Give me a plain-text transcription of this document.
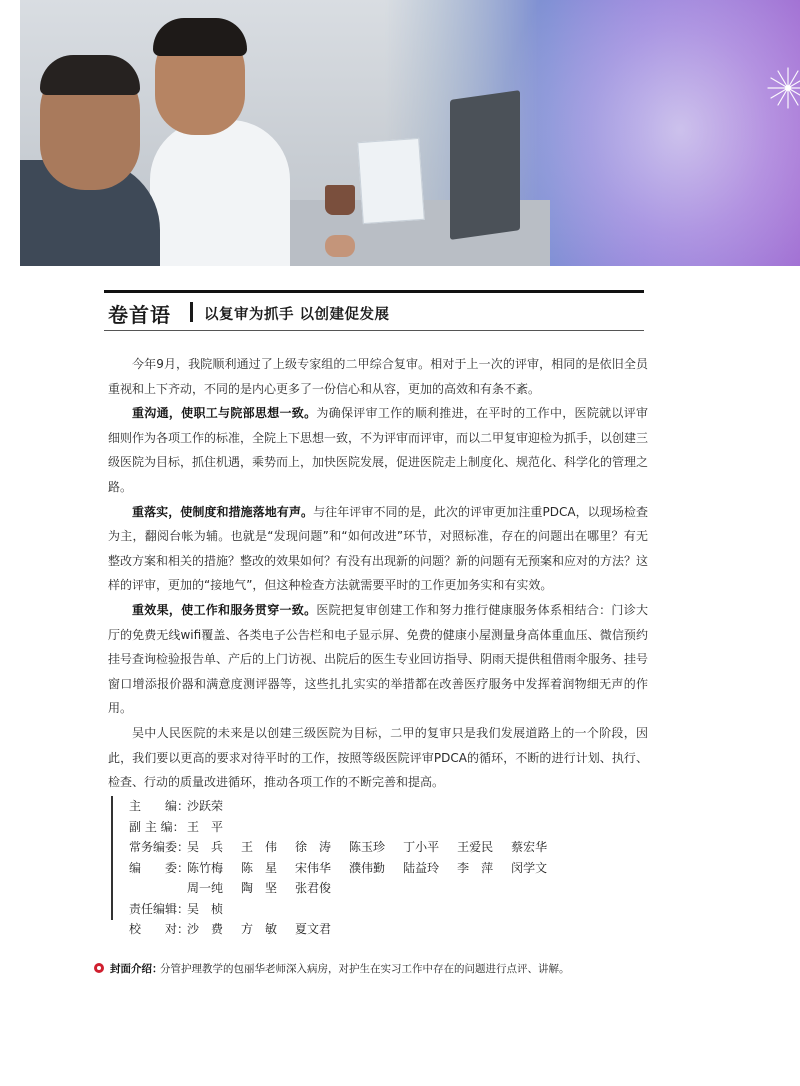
卷首语 以复审为抓手 以创建促发展

今年9月，我院顺利通过了上级专家组的二甲综合复审。相对于上一次的评审，相同的是依旧全员重视和上下齐动，不同的是内心更多了一份信心和从容，更加的高效和有条不紊。

重沟通，使职工与院部思想一致。为确保评审工作的顺利推进，在平时的工作中，医院就以评审细则作为各项工作的标准，全院上下思想一致，不为评审而评审，而以二甲复审迎检为抓手，以创建三级医院为目标，抓住机遇，乘势而上，加快医院发展，促进医院走上制度化、规范化、科学化的管理之路。

重落实，使制度和措施落地有声。与往年评审不同的是，此次的评审更加注重PDCA，以现场检查为主，翻阅台帐为辅。也就是“发现问题”和“如何改进”环节，对照标准，存在的问题出在哪里？有无整改方案和相关的措施？整改的效果如何？有没有出现新的问题？新的问题有无预案和应对的方法？这样的评审，更加的“接地气”，但这种检查方法就需要平时的工作更加务实和有实效。

重效果，使工作和服务贯穿一致。医院把复审创建工作和努力推行健康服务体系相结合：门诊大厅的免费无线wifi覆盖、各类电子公告栏和电子显示屏、免费的健康小屋测量身高体重血压、微信预约挂号查询检验报告单、产后的上门访视、出院后的医生专业回访指导、阴雨天提供租借雨伞服务、挂号窗口增添报价器和满意度测评器等，这些扎扎实实的举措都在改善医疗服务中发挥着润物细无声的作用。

吴中人民医院的未来是以创建三级医院为目标，二甲的复审只是我们发展道路上的一个阶段，因此，我们要以更高的要求对待平时的工作，按照等级医院评审PDCA的循环，不断的进行计划、执行、检查、行动的质量改进循环，推动各项工作的不断完善和提高。

主　　编：
沙跃荣
副 主 编： 王　平
常务编委：
吴　兵 王　伟 徐　涛 陈玉珍 丁小平 王爱民 蔡宏华
编　　委：
陈竹梅 陈　星 宋伟华 濮伟勤 陆益玲 李　萍 闵学文
周一纯 陶　坚 张君俊
责任编辑：
吴　桢
校　　对：
沙　费 方　敏 夏文君
封面介绍：
分管护理教学的包丽华老师深入病房，对护生在实习工作中存在的问题进行点评、讲解。
